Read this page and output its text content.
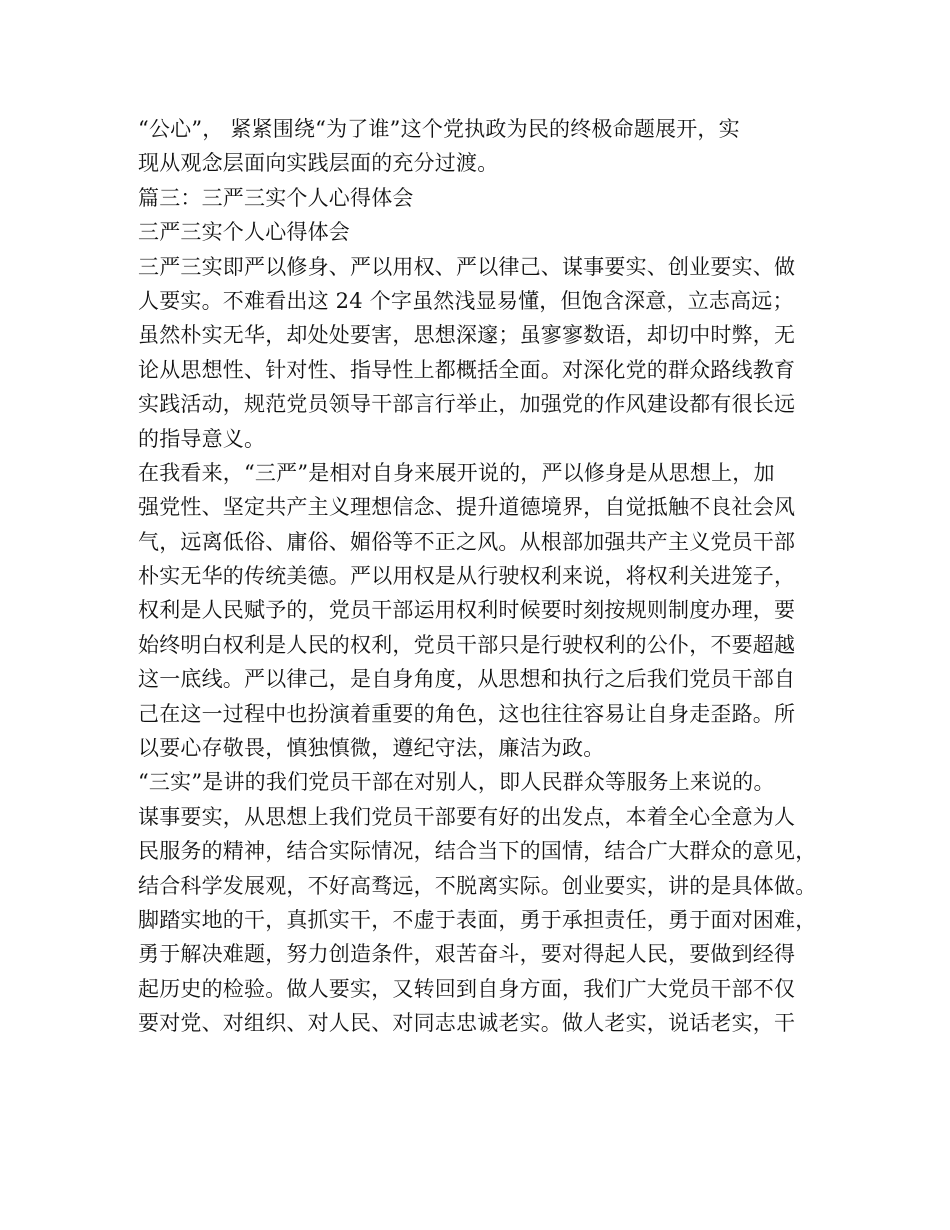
“公心”， 紧紧围绕“为了谁”这个党执政为民的终极命题展开，实
现从观念层面向实践层面的充分过渡。
篇三：三严三实个人心得体会
三严三实个人心得体会
三严三实即严以修身、严以用权、严以律己、谋事要实、创业要实、做
人要实。不难看出这 24 个字虽然浅显易懂，但饱含深意，立志高远；
虽然朴实无华，却处处要害，思想深邃；虽寥寥数语，却切中时弊，无
论从思想性、针对性、指导性上都概括全面。对深化党的群众路线教育
实践活动，规范党员领导干部言行举止，加强党的作风建设都有很长远
的指导意义。
在我看来，“三严”是相对自身来展开说的，严以修身是从思想上，加
强党性、坚定共产主义理想信念、提升道德境界，自觉抵触不良社会风
气，远离低俗、庸俗、媚俗等不正之风。从根部加强共产主义党员干部
朴实无华的传统美德。严以用权是从行驶权利来说，将权利关进笼子，
权利是人民赋予的，党员干部运用权利时候要时刻按规则制度办理，要
始终明白权利是人民的权利，党员干部只是行驶权利的公仆，不要超越
这一底线。严以律己，是自身角度，从思想和执行之后我们党员干部自
己在这一过程中也扮演着重要的角色，这也往往容易让自身走歪路。所
以要心存敬畏，慎独慎微，遵纪守法，廉洁为政。
“三实”是讲的我们党员干部在对别人，即人民群众等服务上来说的。
谋事要实，从思想上我们党员干部要有好的出发点，本着全心全意为人
民服务的精神，结合实际情况，结合当下的国情，结合广大群众的意见，
结合科学发展观，不好高骛远，不脱离实际。创业要实，讲的是具体做。
脚踏实地的干，真抓实干，不虚于表面，勇于承担责任，勇于面对困难，
勇于解决难题，努力创造条件，艰苦奋斗，要对得起人民，要做到经得
起历史的检验。做人要实，又转回到自身方面，我们广大党员干部不仅
要对党、对组织、对人民、对同志忠诚老实。做人老实，说话老实，干
